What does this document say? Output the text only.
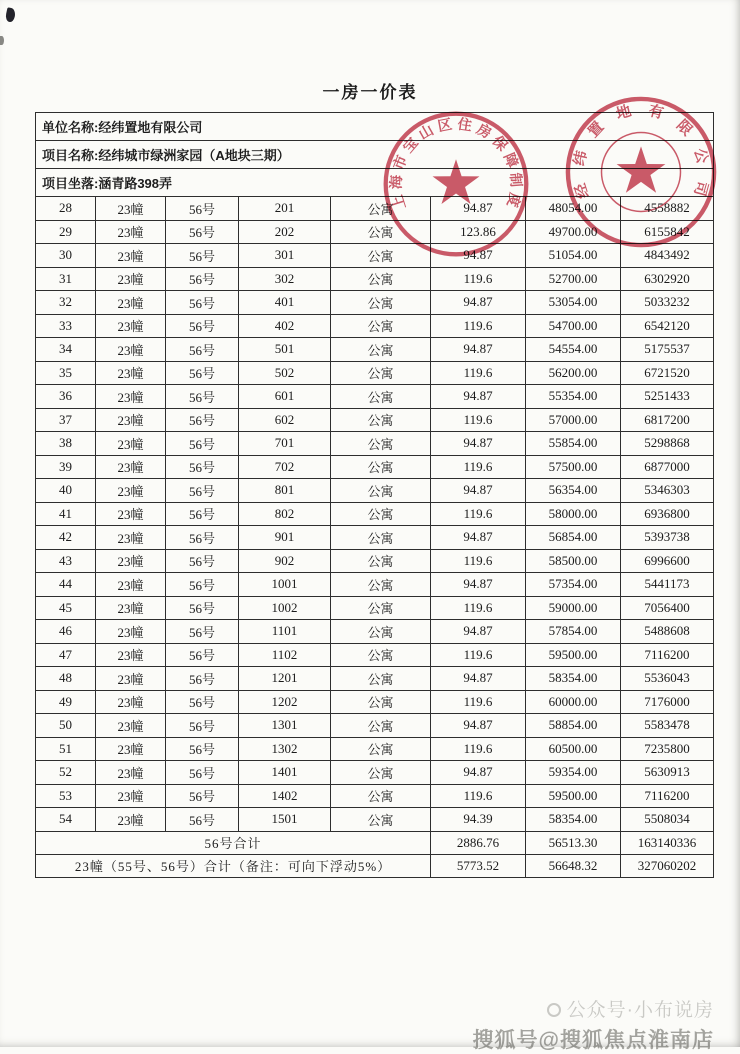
一房一价表
单位名称:经纬置地有限公司							
项目名称:经纬城市绿洲家园（A地块三期）							
项目坐落:涵青路398弄							
28	23幢	56号	201	公寓	94.87	48054.00	4558882
29	23幢	56号	202	公寓	123.86	49700.00	6155842
30	23幢	56号	301	公寓	94.87	51054.00	4843492
31	23幢	56号	302	公寓	119.6	52700.00	6302920
32	23幢	56号	401	公寓	94.87	53054.00	5033232
33	23幢	56号	402	公寓	119.6	54700.00	6542120
34	23幢	56号	501	公寓	94.87	54554.00	5175537
35	23幢	56号	502	公寓	119.6	56200.00	6721520
36	23幢	56号	601	公寓	94.87	55354.00	5251433
37	23幢	56号	602	公寓	119.6	57000.00	6817200
38	23幢	56号	701	公寓	94.87	55854.00	5298868
39	23幢	56号	702	公寓	119.6	57500.00	6877000
40	23幢	56号	801	公寓	94.87	56354.00	5346303
41	23幢	56号	802	公寓	119.6	58000.00	6936800
42	23幢	56号	901	公寓	94.87	56854.00	5393738
43	23幢	56号	902	公寓	119.6	58500.00	6996600
44	23幢	56号	1001	公寓	94.87	57354.00	5441173
45	23幢	56号	1002	公寓	119.6	59000.00	7056400
46	23幢	56号	1101	公寓	94.87	57854.00	5488608
47	23幢	56号	1102	公寓	119.6	59500.00	7116200
48	23幢	56号	1201	公寓	94.87	58354.00	5536043
49	23幢	56号	1202	公寓	119.6	60000.00	7176000
50	23幢	56号	1301	公寓	94.87	58854.00	5583478
51	23幢	56号	1302	公寓	119.6	60500.00	7235800
52	23幢	56号	1401	公寓	94.87	59354.00	5630913
53	23幢	56号	1402	公寓	119.6	59500.00	7116200
54	23幢	56号	1501	公寓	94.39	58354.00	5508034
56号合计					2886.76	56513.30	163140336
23幢（55号、56号）合计（备注：可向下浮动5%）					5773.52	56648.32	327060202
上海市宝山区住房保障制度	经纬置地有限公司
公众号·小布说房
搜狐号@搜狐焦点淮南店
